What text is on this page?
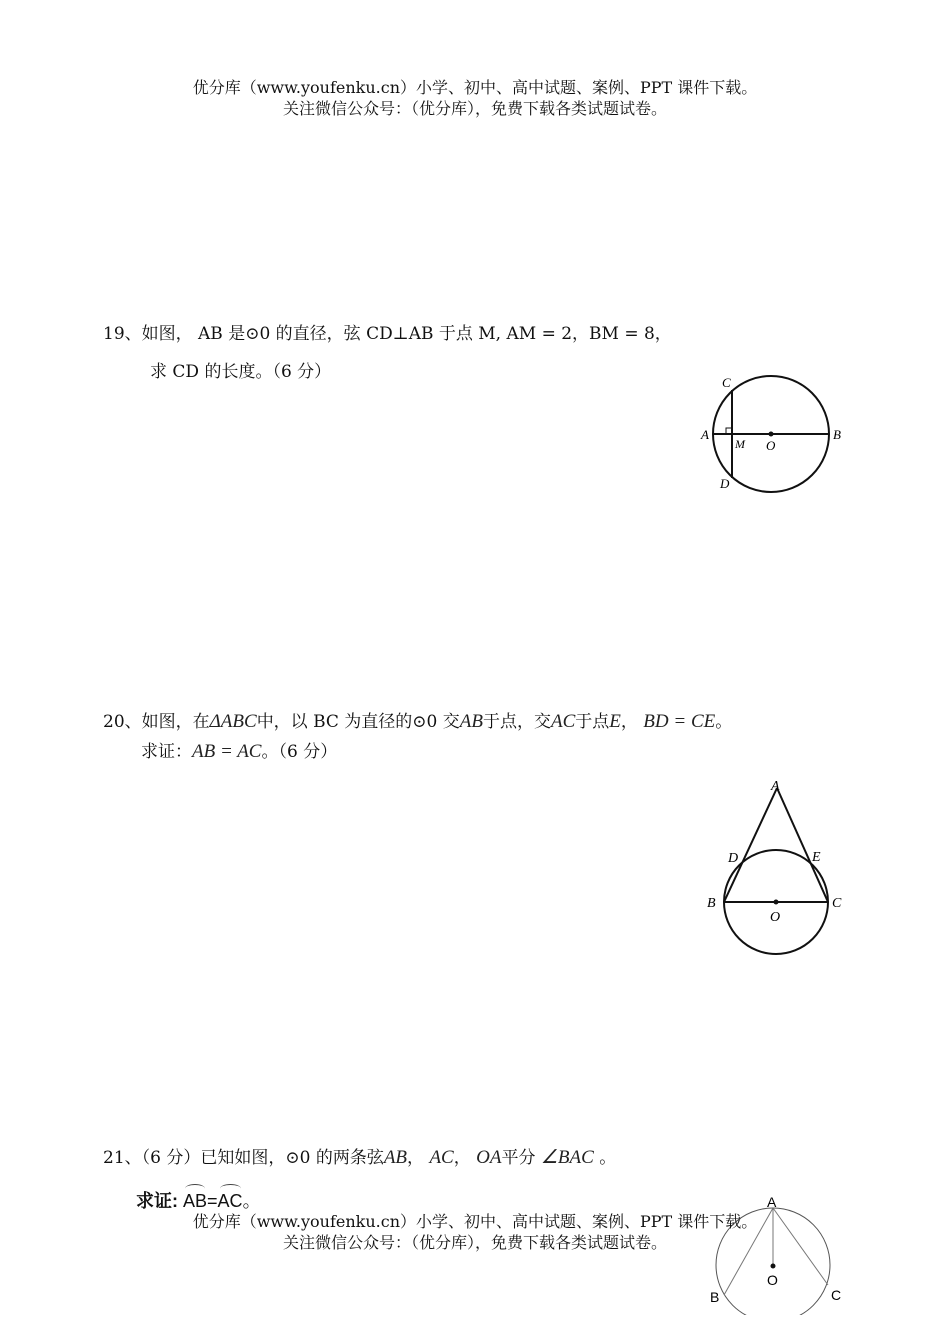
优分库（www.youfenku.cn）小学、初中、高中试题、案例、PPT 课件下载。
关注微信公众号：（优分库），免费下载各类试题试卷。
19、如图， AB 是⊙0 的直径，弦 CD⊥AB 于点 M, AM = 2，BM = 8，
求 CD 的长度。（6 分）
C
A
M O
B
D
20、如图，在ΔABC中，以 BC 为直径的⊙0 交AB于点，交AC于点E， BD = CE。
求证：AB = AC。（6 分）
A
D	E
B
O
C
21、（6 分）已知如图，⊙0 的两条弦AB， AC， OA平分 ∠BAC 。
求证: AB=AC。	A
O
B	C
优分库（www.youfenku.cn）小学、初中、高中试题、案例、PPT 课件下载。
关注微信公众号：（优分库），免费下载各类试题试卷。
